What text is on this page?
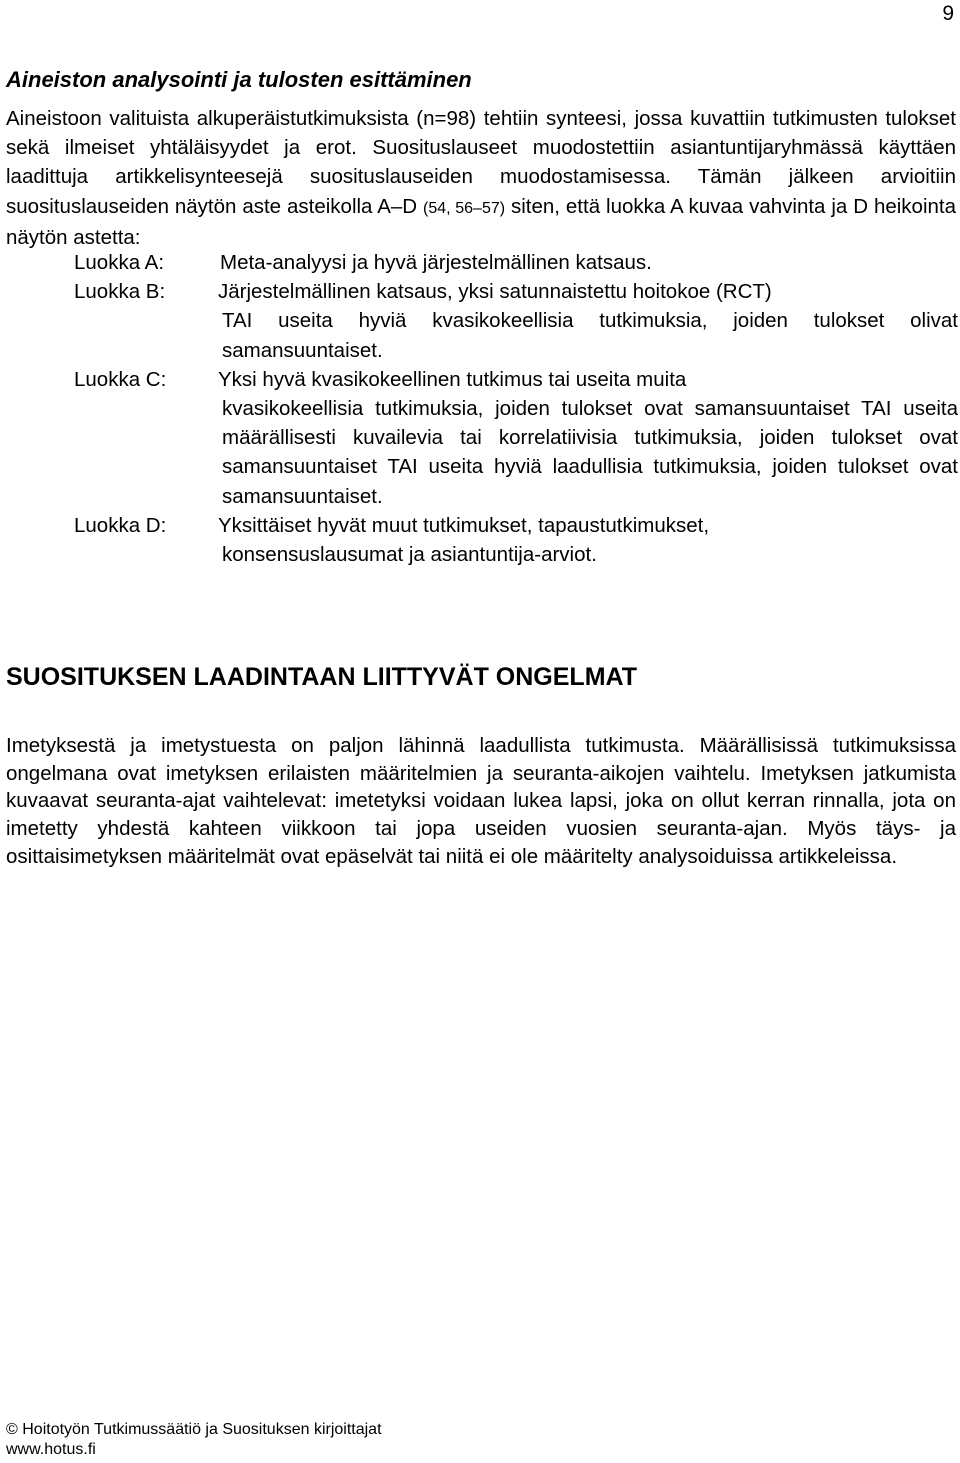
9
Aineiston analysointi ja tulosten esittäminen

Aineistoon valituista alkuperäistutkimuksista (n=98) tehtiin synteesi, jossa kuvattiin tutkimusten tulokset sekä ilmeiset yhtäläisyydet ja erot. Suosituslauseet muodostettiin asiantuntijaryhmässä käyttäen laadittuja artikkelisynteesejä suosituslauseiden muodostamisessa. Tämän jälkeen arvioitiin suosituslauseiden näytön aste asteikolla A–D (54, 56–57) siten, että luokka A kuvaa vahvinta ja D heikointa näytön astetta:

Luokka A:	Meta-analyysi ja hyvä järjestelmällinen katsaus.
Luokka B:	Järjestelmällinen katsaus, yksi satunnaistettu hoitokoe (RCT)
TAI useita hyviä kvasikokeellisia tutkimuksia, joiden tulokset olivat samansuuntaiset.
Luokka C:	Yksi hyvä kvasikokeellinen tutkimus tai useita muita
kvasikokeellisia tutkimuksia, joiden tulokset ovat samansuuntaiset TAI useita määrällisesti kuvailevia tai korrelatiivisia tutkimuksia, joiden tulokset ovat samansuuntaiset TAI useita hyviä laadullisia tutkimuksia, joiden tulokset ovat samansuuntaiset.
Luokka D:	Yksittäiset hyvät muut tutkimukset, tapaustutkimukset,
konsensuslausumat ja asiantuntija-arviot.
SUOSITUKSEN LAADINTAAN LIITTYVÄT ONGELMAT

Imetyksestä ja imetystuesta on paljon lähinnä laadullista tutkimusta. Määrällisissä tutkimuksissa ongelmana ovat imetyksen erilaisten määritelmien ja seuranta-aikojen vaihtelu. Imetyksen jatkumista kuvaavat seuranta-ajat vaihtelevat: imetetyksi voidaan lukea lapsi, joka on ollut kerran rinnalla, jota on imetetty yhdestä kahteen viikkoon tai jopa useiden vuosien seuranta-ajan. Myös täys- ja osittaisimetyksen määritelmät ovat epäselvät tai niitä ei ole määritelty analysoiduissa artikkeleissa.

© Hoitotyön Tutkimussäätiö ja Suosituksen kirjoittajat
www.hotus.fi
